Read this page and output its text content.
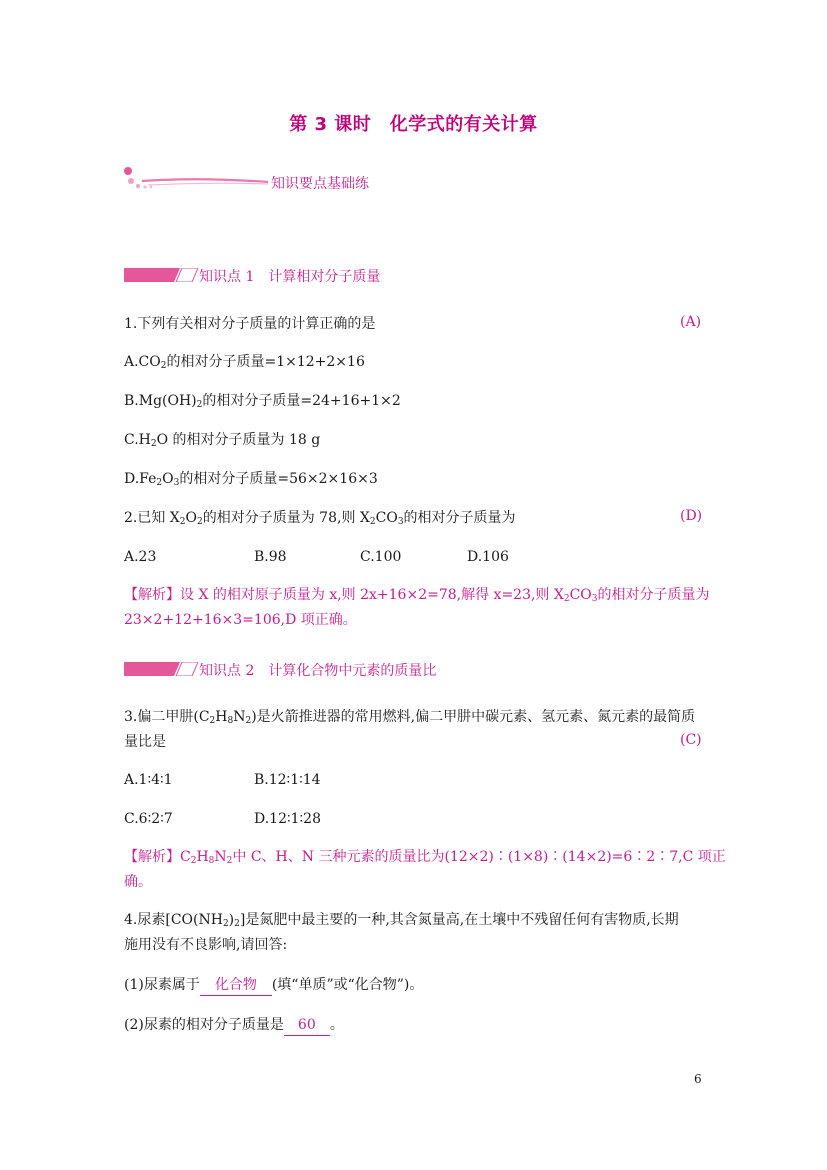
第 3 课时　化学式的有关计算
知识要点基础练
知识点 1　计算相对分子质量
1.下列有关相对分子质量的计算正确的是	(A)
$A.CO_2$的相对分子质量=1×12+2×16
$B.Mg(OH)_2$的相对分子质量=24+16+1×2
$C.H_2O$ 的相对分子质量为 18 g
$D.Fe_2O_3$的相对分子质量=56×2×16×3
2.已知 $X_2O_2$的相对分子质量为 78,则 $X_2CO_3$的相对分子质量为	(D)
A.23	B.98	C.100	D.106
【解析】设 X 的相对原子质量为 x,则 2x+16×2=78,解得 x=23,则 $X_2CO_3$的相对分子质量为
23×2+12+16×3=106,D 项正确。
知识点 2　计算化合物中元素的质量比
3.偏二甲肼$(C_2H_8N_2)$是火箭推进器的常用燃料,偏二甲肼中碳元素、氢元素、氮元素的最简质
量比是	(C)
A.1∶4∶1	B.12∶1∶14
C.6∶2∶7	D.12∶1∶28
【解析】$C_2H_8N_2$中 C、H、N 三种元素的质量比为(12×2)∶(1×8)∶(14×2)=6∶2∶7,C 项正
确。
4.尿素$[CO(NH_2)_2]$是氮肥中最主要的一种,其含氮量高,在土壤中不残留任何有害物质,长期
施用没有不良影响,请回答:
(1)尿素属于 化合物 (填“单质”或“化合物”)。
(2)尿素的相对分子质量是 60 。
6
